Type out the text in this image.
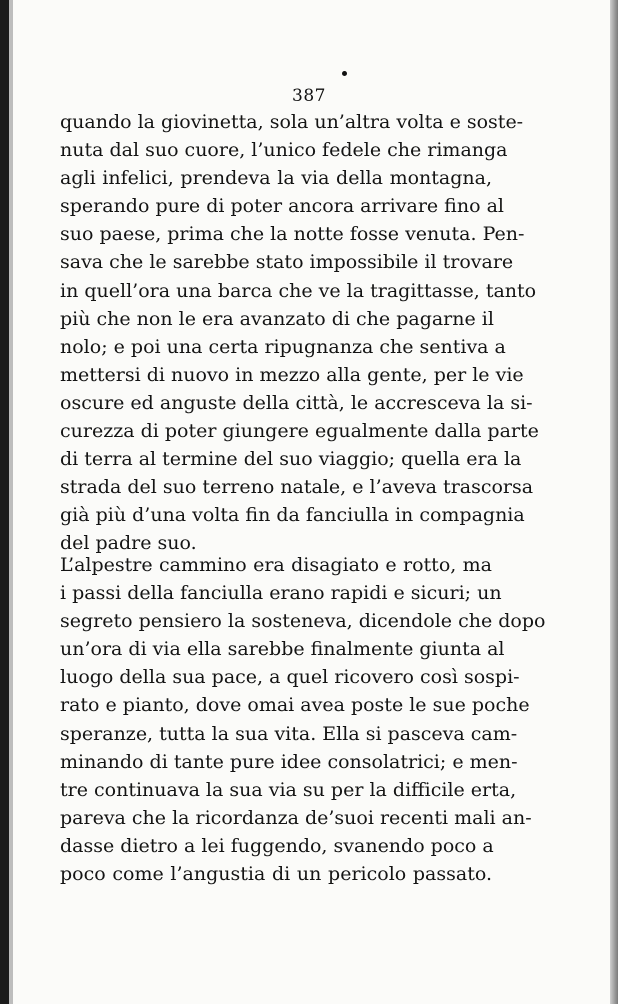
387
quando la giovinetta, sola un’altra volta e soste-
nuta dal suo cuore, l’unico fedele che rimanga
agli infelici, prendeva la via della montagna,
sperando pure di poter ancora arrivare fino al
suo paese, prima che la notte fosse venuta. Pen-
sava che le sarebbe stato impossibile il trovare
in quell’ora una barca che ve la tragittasse, tanto
più che non le era avanzato di che pagarne il
nolo; e poi una certa ripugnanza che sentiva a
mettersi di nuovo in mezzo alla gente, per le vie
oscure ed anguste della città, le accresceva la si-
curezza di poter giungere egualmente dalla parte
di terra al termine del suo viaggio; quella era la
strada del suo terreno natale, e l’aveva trascorsa
già più d’una volta fin da fanciulla in compagnia
del padre suo.
L’alpestre cammino era disagiato e rotto, ma
i passi della fanciulla erano rapidi e sicuri; un
segreto pensiero la sosteneva, dicendole che dopo
un’ora di via ella sarebbe finalmente giunta al
luogo della sua pace, a quel ricovero così sospi-
rato e pianto, dove omai avea poste le sue poche
speranze, tutta la sua vita. Ella si pasceva cam-
minando di tante pure idee consolatrici; e men-
tre continuava la sua via su per la difficile erta,
pareva che la ricordanza de’suoi recenti mali an-
dasse dietro a lei fuggendo, svanendo poco a
poco come l’angustia di un pericolo passato.
